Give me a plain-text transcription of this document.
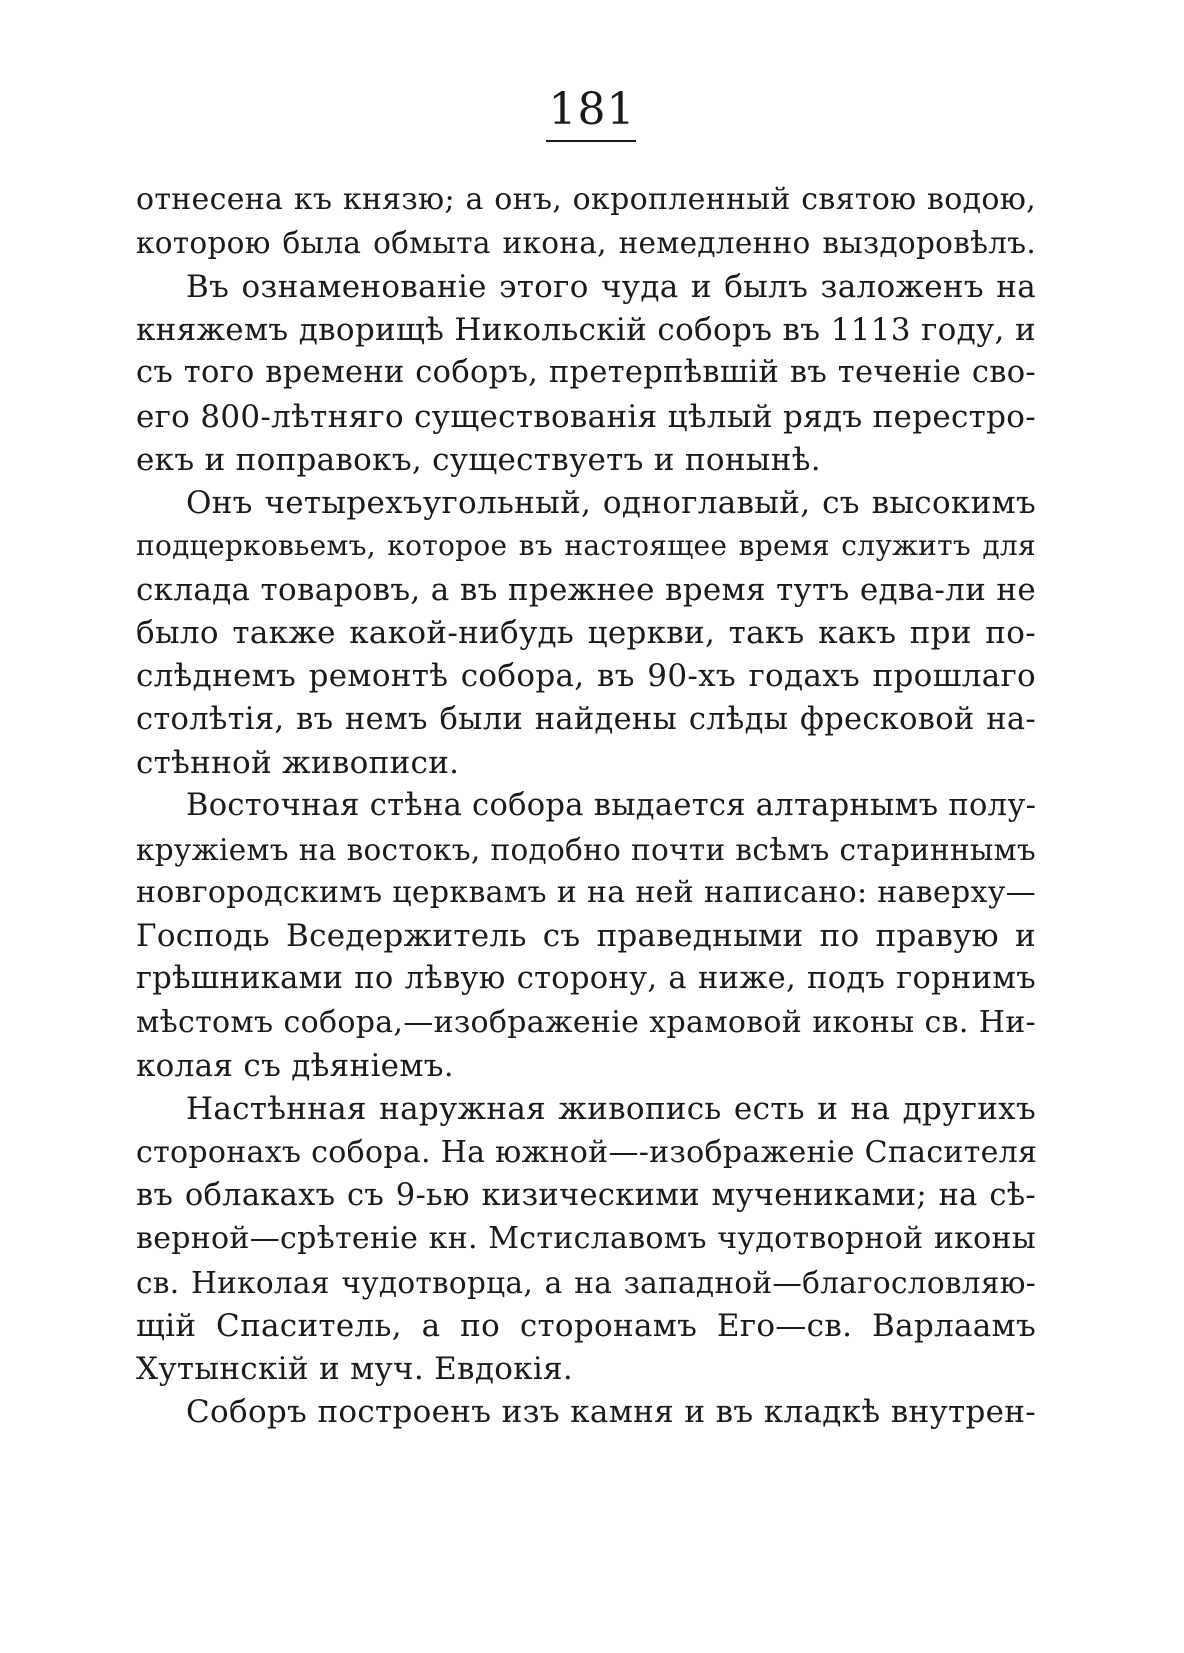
181
отнесена къ князю; а онъ, окропленный святою водою,
которою была обмыта икона, немедленно выздоровѣлъ.
Въ ознаменованіе этого чуда и былъ заложенъ на
княжемъ дворищѣ Никольскій соборъ въ 1113 году, и
съ того времени соборъ, претерпѣвшій въ теченіе сво-
его 800-лѣтняго существованія цѣлый рядъ перестро-
екъ и поправокъ, существуетъ и понынѣ.
Онъ четырехъугольный, одноглавый, съ высокимъ
подцерковьемъ, которое въ настоящее время служитъ для
склада товаровъ, а въ прежнее время тутъ едва-ли не
было также какой-нибудь церкви, такъ какъ при по-
слѣднемъ ремонтѣ собора, въ 90-хъ годахъ прошлаго
столѣтія, въ немъ были найдены слѣды фресковой на-
стѣнной живописи.
Восточная стѣна собора выдается алтарнымъ полу-
кружіемъ на востокъ, подобно почти всѣмъ стариннымъ
новгородскимъ церквамъ и на ней написано: наверху—
Господь Вседержитель съ праведными по правую и
грѣшниками по лѣвую сторону, а ниже, подъ горнимъ
мѣстомъ собора,—изображеніе храмовой иконы св. Ни-
колая съ дѣяніемъ.
Настѣнная наружная живопись есть и на другихъ
сторонахъ собора. На южной—-изображеніе Спасителя
въ облакахъ съ 9-ью кизическими мучениками; на сѣ-
верной—срѣтеніе кн. Мстиславомъ чудотворной иконы
св. Николая чудотворца, а на западной—благословляю-
щій Спаситель, а по сторонамъ Его—св. Варлаамъ
Хутынскій и муч. Евдокія.
Соборъ построенъ изъ камня и въ кладкѣ внутрен-
